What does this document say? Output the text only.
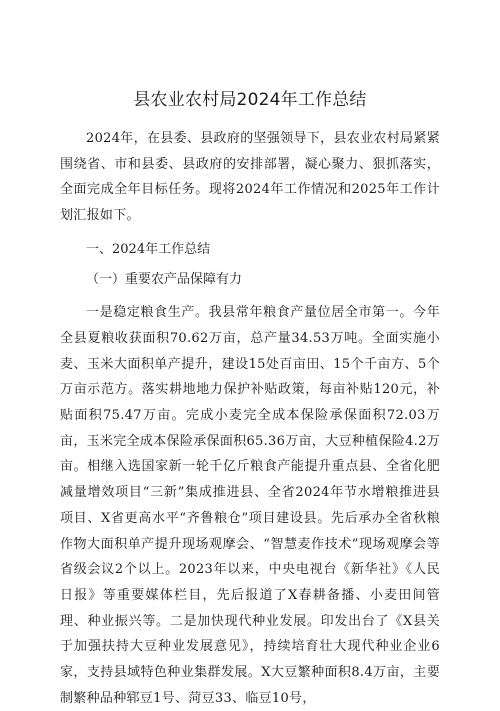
县农业农村局2024年工作总结

2024年，在县委、县政府的坚强领导下，县农业农村局紧紧围绕省、市和县委、县政府的安排部署，凝心聚力、狠抓落实，全面完成全年目标任务。现将2024年工作情况和2025年工作计划汇报如下。

一、2024年工作总结

（一）重要农产品保障有力

一是稳定粮食生产。我县常年粮食产量位居全市第一。今年全县夏粮收获面积70.62万亩，总产量34.53万吨。全面实施小麦、玉米大面积单产提升，建设15处百亩田、15个千亩方、5个万亩示范方。落实耕地地力保护补贴政策，每亩补贴120元，补贴面积75.47万亩。完成小麦完全成本保险承保面积72.03万亩，玉米完全成本保险承保面积65.36万亩，大豆种植保险4.2万亩。相继入选国家新一轮千亿斤粮食产能提升重点县、全省化肥减量增效项目“三新”集成推进县、全省2024年节水增粮推进县项目、X省更高水平“齐鲁粮仓”项目建设县。先后承办全省秋粮作物大面积单产提升现场观摩会、“智慧麦作技术”现场观摩会等省级会议2个以上。2023年以来，中央电视台《新华社》《人民日报》等重要媒体栏目，先后报道了X春耕备播、小麦田间管理、种业振兴等。二是加快现代种业发展。印发出台了《X县关于加强扶持大豆种业发展意见》，持续培育壮大现代种业企业6家，支持县域特色种业集群发展。X大豆繁种面积8.4万亩，主要制繁种品种郓豆1号、菏豆33、临豆10号，
